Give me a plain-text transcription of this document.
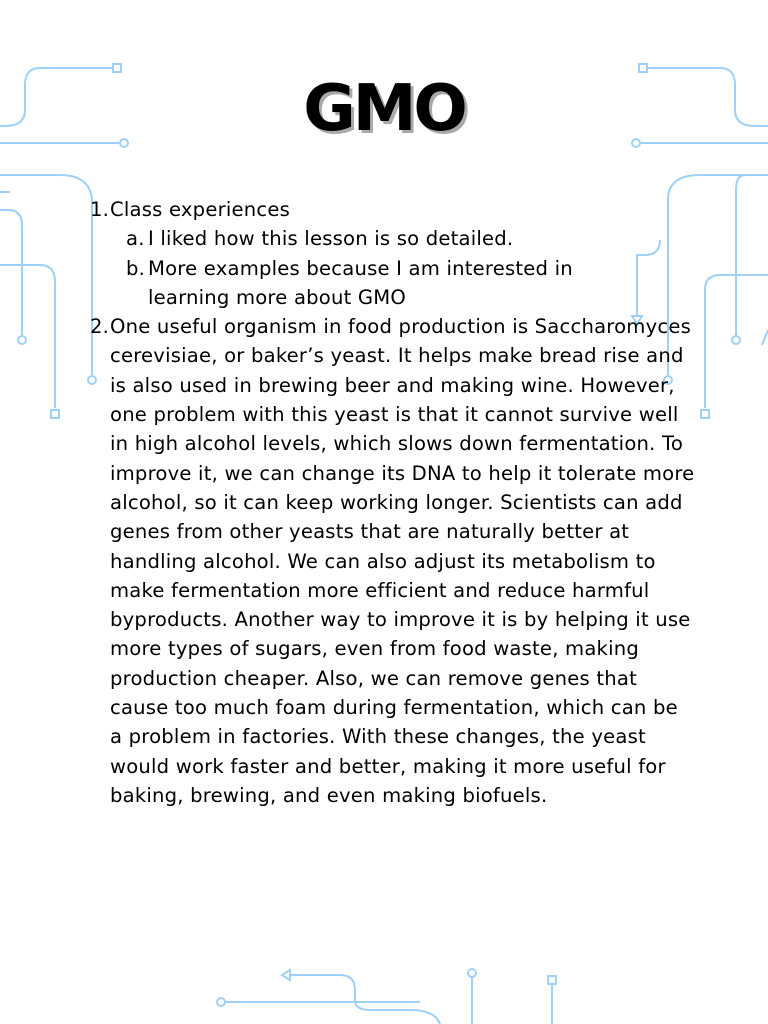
GMO
1. Class experiences
a. I liked how this lesson is so detailed.
b. More examples because I am interested in learning more about GMO
2. One useful organism in food production is Saccharomyces cerevisiae, or baker’s yeast. It helps make bread rise and is also used in brewing beer and making wine. However, one problem with this yeast is that it cannot survive well in high alcohol levels, which slows down fermentation. To improve it, we can change its DNA to help it tolerate more alcohol, so it can keep working longer. Scientists can add genes from other yeasts that are naturally better at handling alcohol. We can also adjust its metabolism to make fermentation more efficient and reduce harmful byproducts. Another way to improve it is by helping it use more types of sugars, even from food waste, making production cheaper. Also, we can remove genes that cause too much foam during fermentation, which can be a problem in factories. With these changes, the yeast would work faster and better, making it more useful for baking, brewing, and even making biofuels.
